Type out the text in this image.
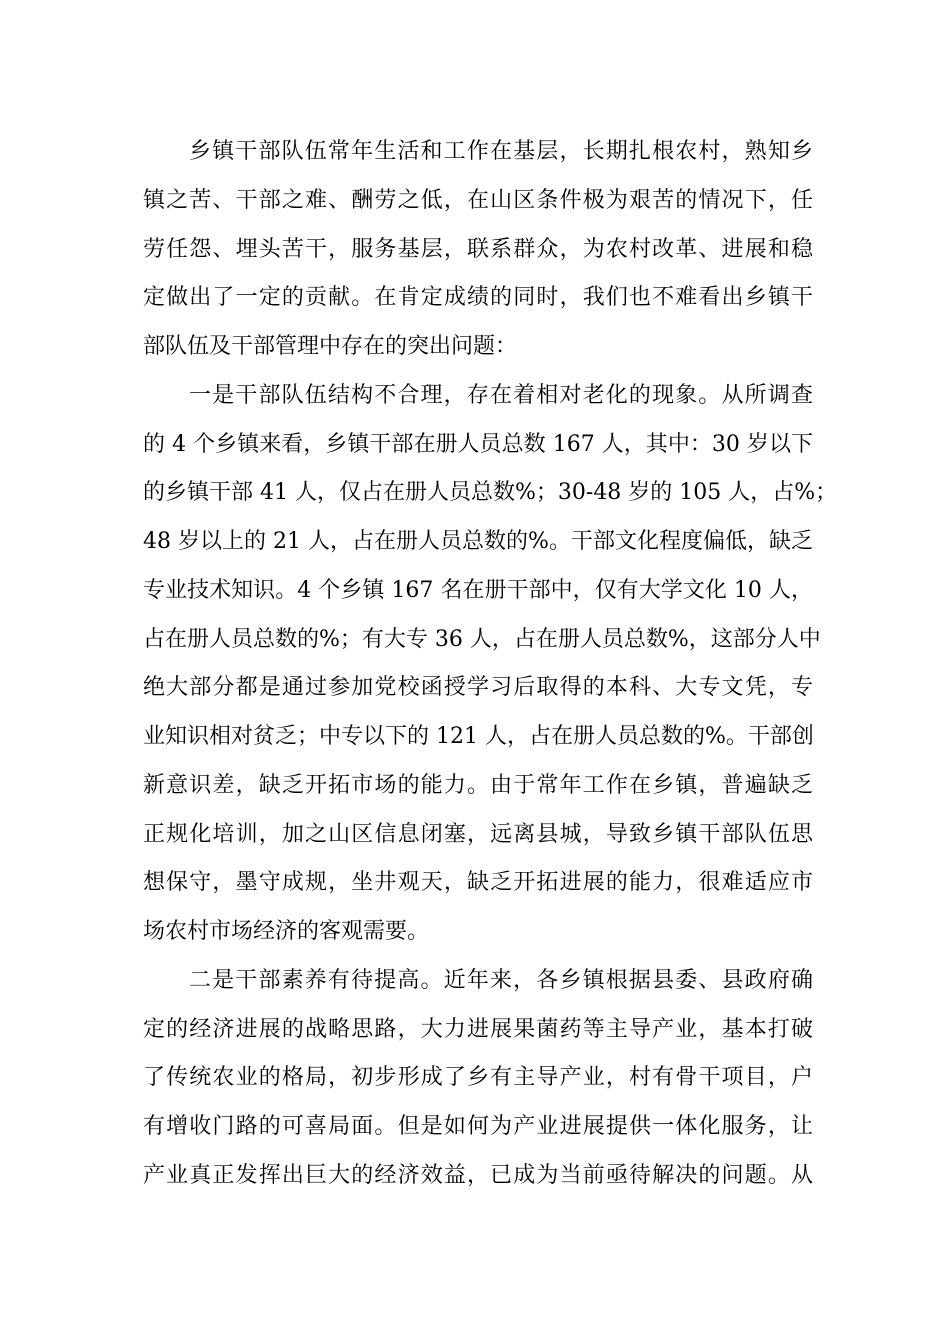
乡镇干部队伍常年生活和工作在基层，长期扎根农村，熟知乡
镇之苦、干部之难、酬劳之低，在山区条件极为艰苦的情况下，任
劳任怨、埋头苦干，服务基层，联系群众，为农村改革、进展和稳
定做出了一定的贡献。在肯定成绩的同时，我们也不难看出乡镇干
部队伍及干部管理中存在的突出问题：
一是干部队伍结构不合理，存在着相对老化的现象。从所调查
的 4 个乡镇来看，乡镇干部在册人员总数 167 人，其中：30 岁以下
的乡镇干部 41 人，仅占在册人员总数%；30-48 岁的 105 人，占%；
48 岁以上的 21 人，占在册人员总数的%。干部文化程度偏低，缺乏
专业技术知识。4 个乡镇 167 名在册干部中，仅有大学文化 10 人，
占在册人员总数的%；有大专 36 人，占在册人员总数%，这部分人中
绝大部分都是通过参加党校函授学习后取得的本科、大专文凭，专
业知识相对贫乏；中专以下的 121 人，占在册人员总数的%。干部创
新意识差，缺乏开拓市场的能力。由于常年工作在乡镇，普遍缺乏
正规化培训，加之山区信息闭塞，远离县城，导致乡镇干部队伍思
想保守，墨守成规，坐井观天，缺乏开拓进展的能力，很难适应市
场农村市场经济的客观需要。
二是干部素养有待提高。近年来，各乡镇根据县委、县政府确
定的经济进展的战略思路，大力进展果菌药等主导产业，基本打破
了传统农业的格局，初步形成了乡有主导产业，村有骨干项目，户
有增收门路的可喜局面。但是如何为产业进展提供一体化服务，让
产业真正发挥出巨大的经济效益，已成为当前亟待解决的问题。从
